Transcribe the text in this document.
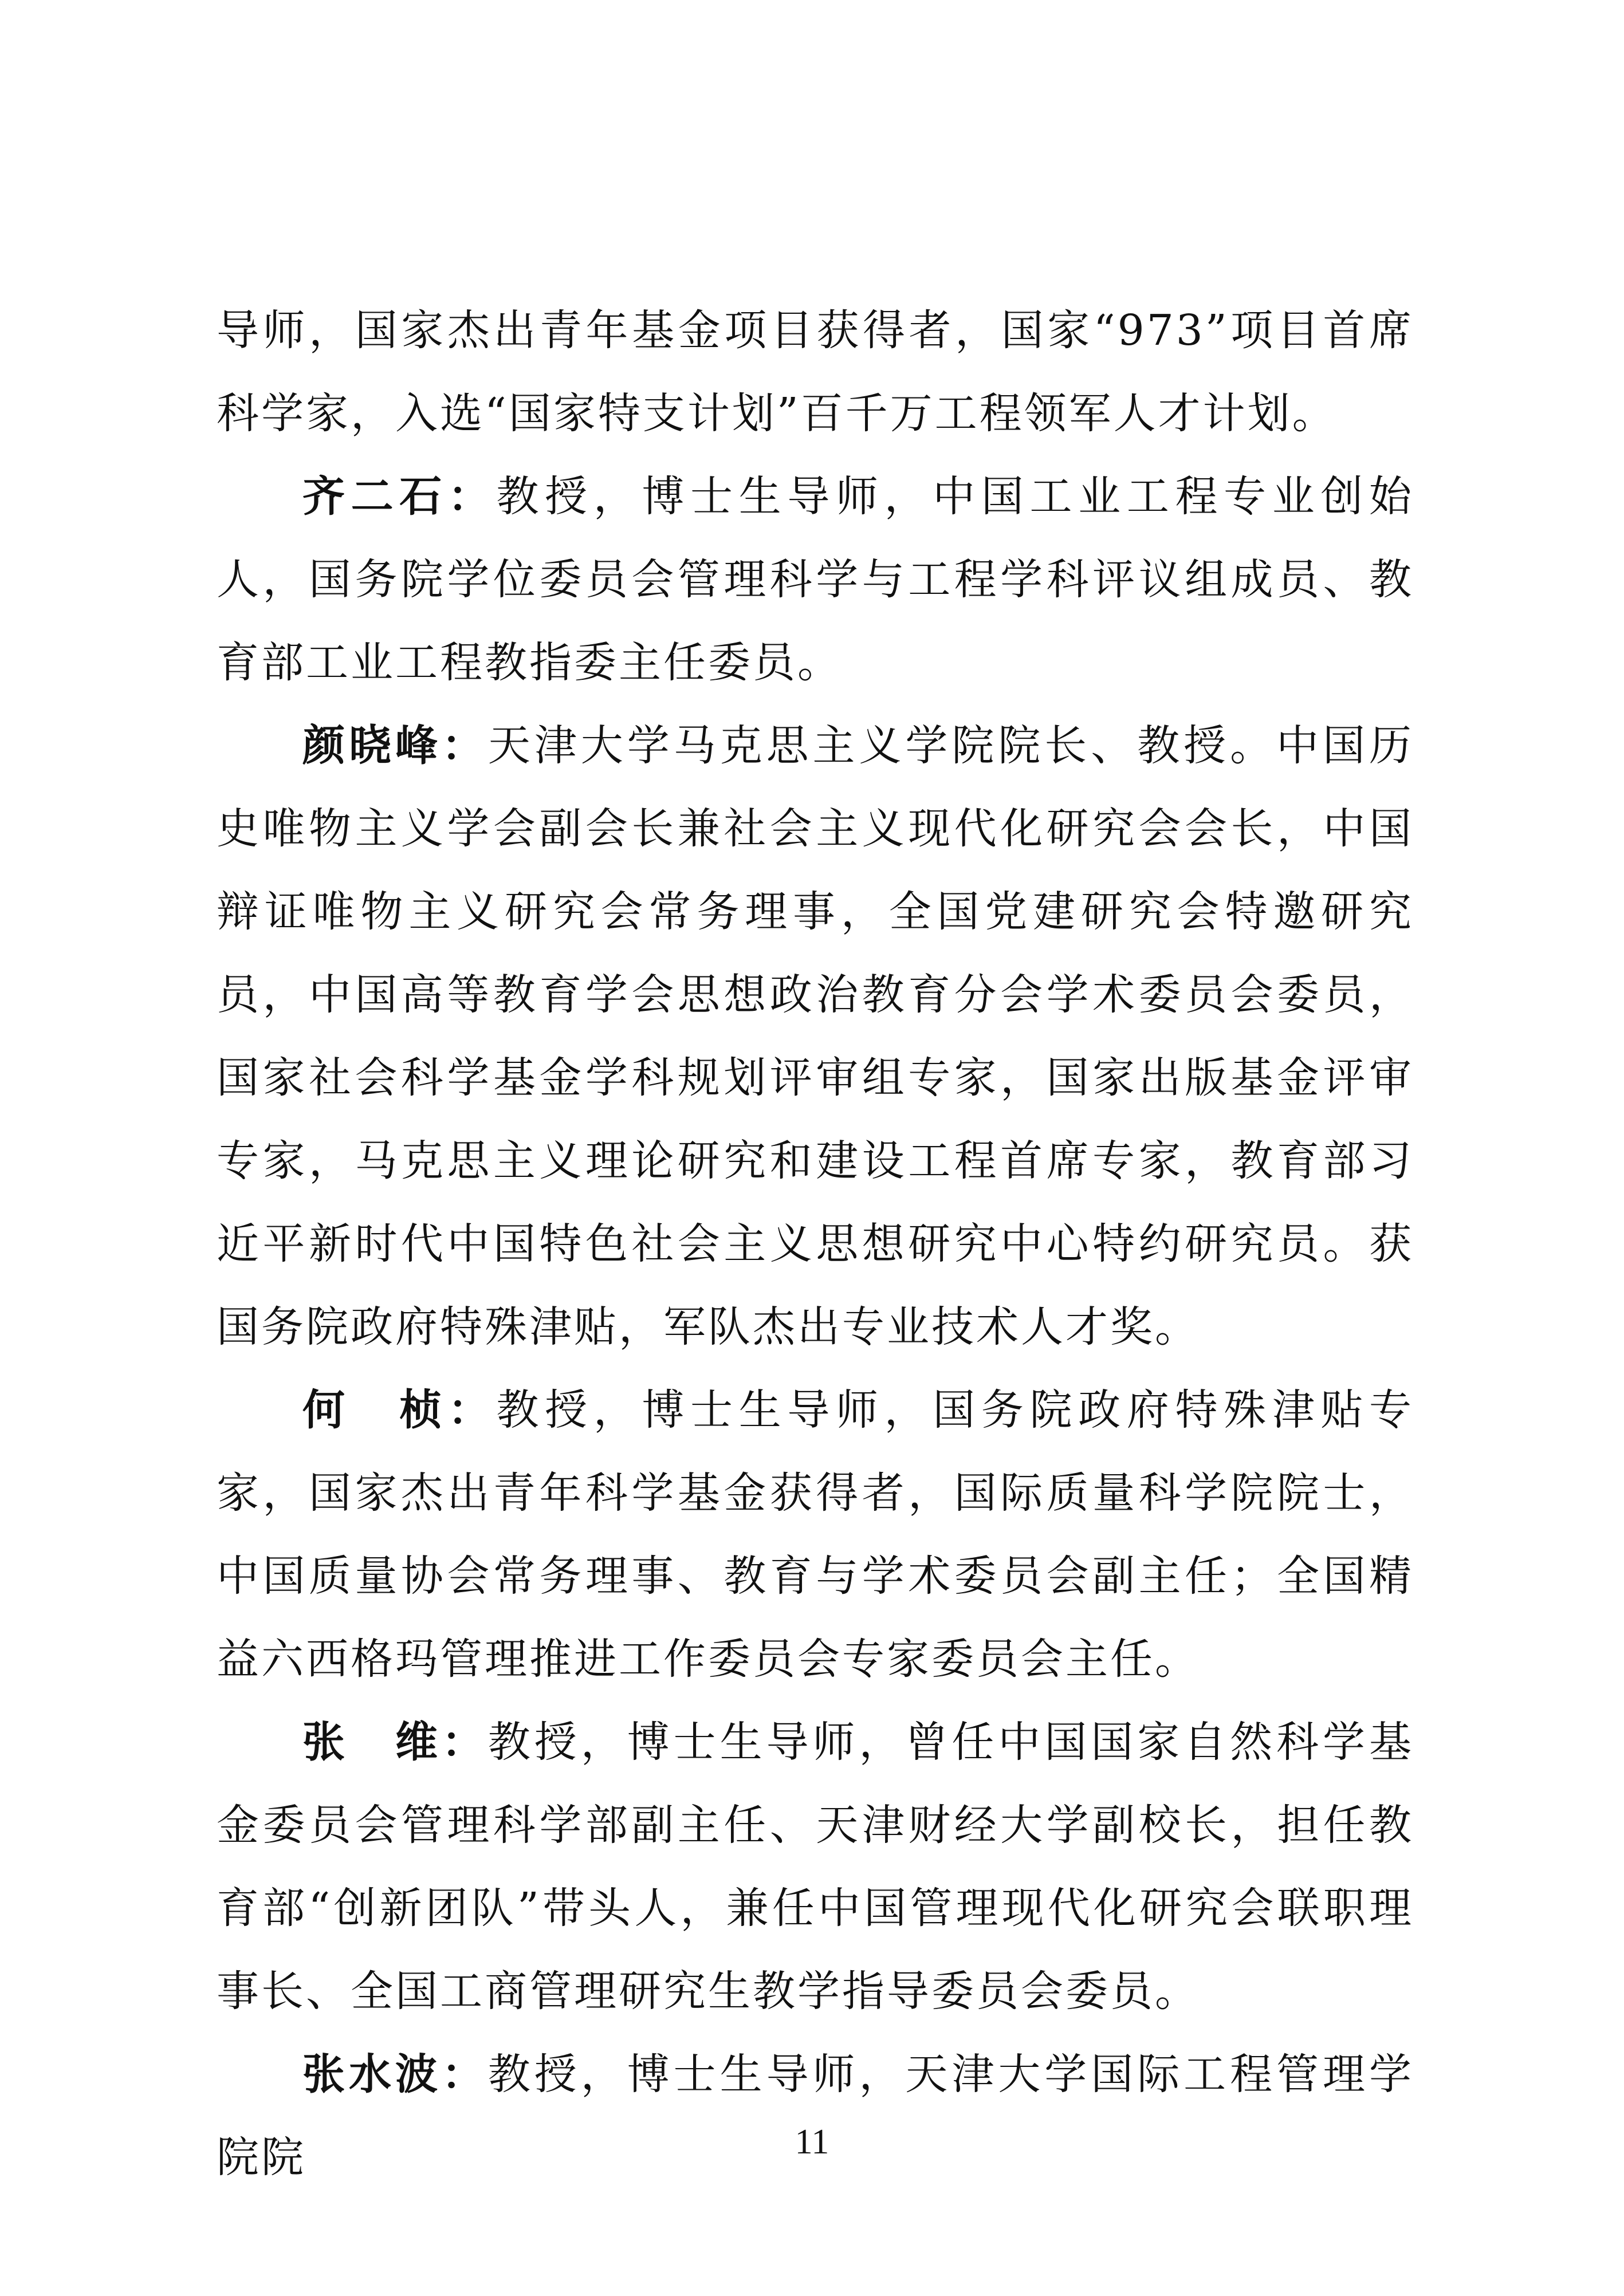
导师，国家杰出青年基金项目获得者，国家“973”项目首席科学家，入选“国家特支计划”百千万工程领军人才计划。

齐二石：教授，博士生导师，中国工业工程专业创始人，国务院学位委员会管理科学与工程学科评议组成员、教育部工业工程教指委主任委员。

颜晓峰：天津大学马克思主义学院院长、教授。中国历史唯物主义学会副会长兼社会主义现代化研究会会长，中国辩证唯物主义研究会常务理事，全国党建研究会特邀研究员，中国高等教育学会思想政治教育分会学术委员会委员，国家社会科学基金学科规划评审组专家，国家出版基金评审专家，马克思主义理论研究和建设工程首席专家，教育部习近平新时代中国特色社会主义思想研究中心特约研究员。获国务院政府特殊津贴，军队杰出专业技术人才奖。

何　桢：教授，博士生导师，国务院政府特殊津贴专家，国家杰出青年科学基金获得者，国际质量科学院院士，中国质量协会常务理事、教育与学术委员会副主任；全国精益六西格玛管理推进工作委员会专家委员会主任。

张　维：教授，博士生导师，曾任中国国家自然科学基金委员会管理科学部副主任、天津财经大学副校长，担任教育部“创新团队”带头人，兼任中国管理现代化研究会联职理事长、全国工商管理研究生教学指导委员会委员。

张水波：教授，博士生导师，天津大学国际工程管理学院院	11
